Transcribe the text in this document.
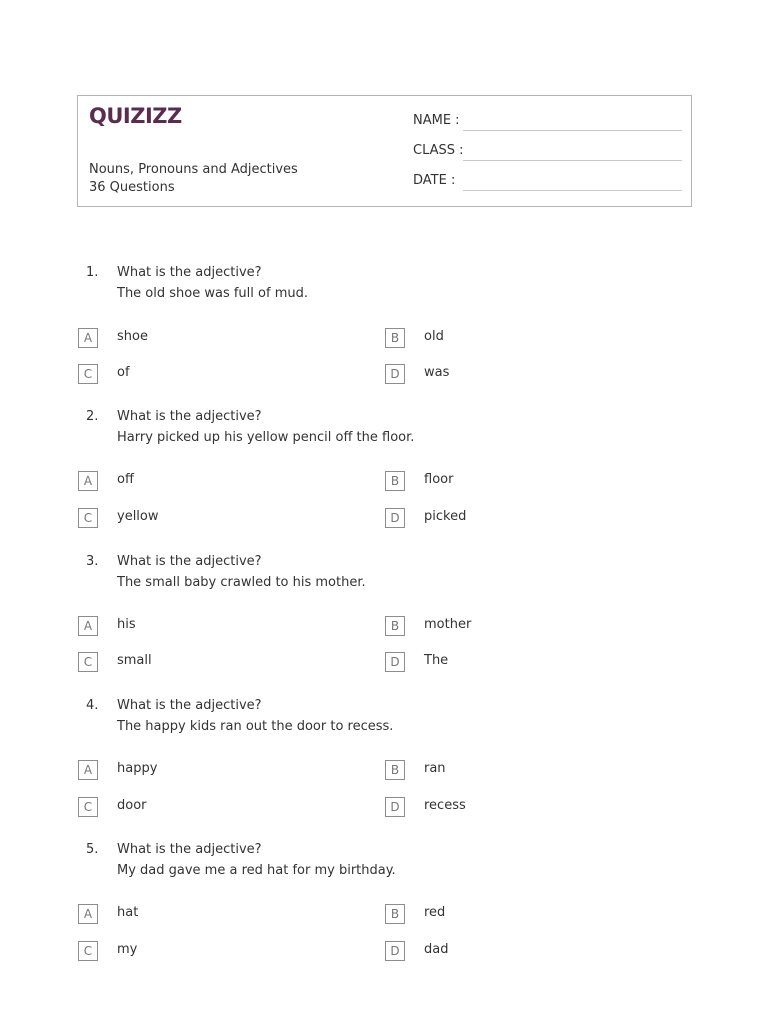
QUIZIZZ
Nouns, Pronouns and Adjectives
36 Questions
NAME :
CLASS :
DATE :
1. What is the adjective?
The old shoe was full of mud.
A	shoe	B	old
C	of	D	was
2. What is the adjective?
Harry picked up his yellow pencil off the floor.
A	off	B	floor
C	yellow	D	picked
3. What is the adjective?
The small baby crawled to his mother.
A	his	B	mother
C	small	D	The
4. What is the adjective?
The happy kids ran out the door to recess.
A	happy	B	ran
C	door	D	recess
5. What is the adjective?
My dad gave me a red hat for my birthday.
A	hat	B	red
C	my	D	dad
